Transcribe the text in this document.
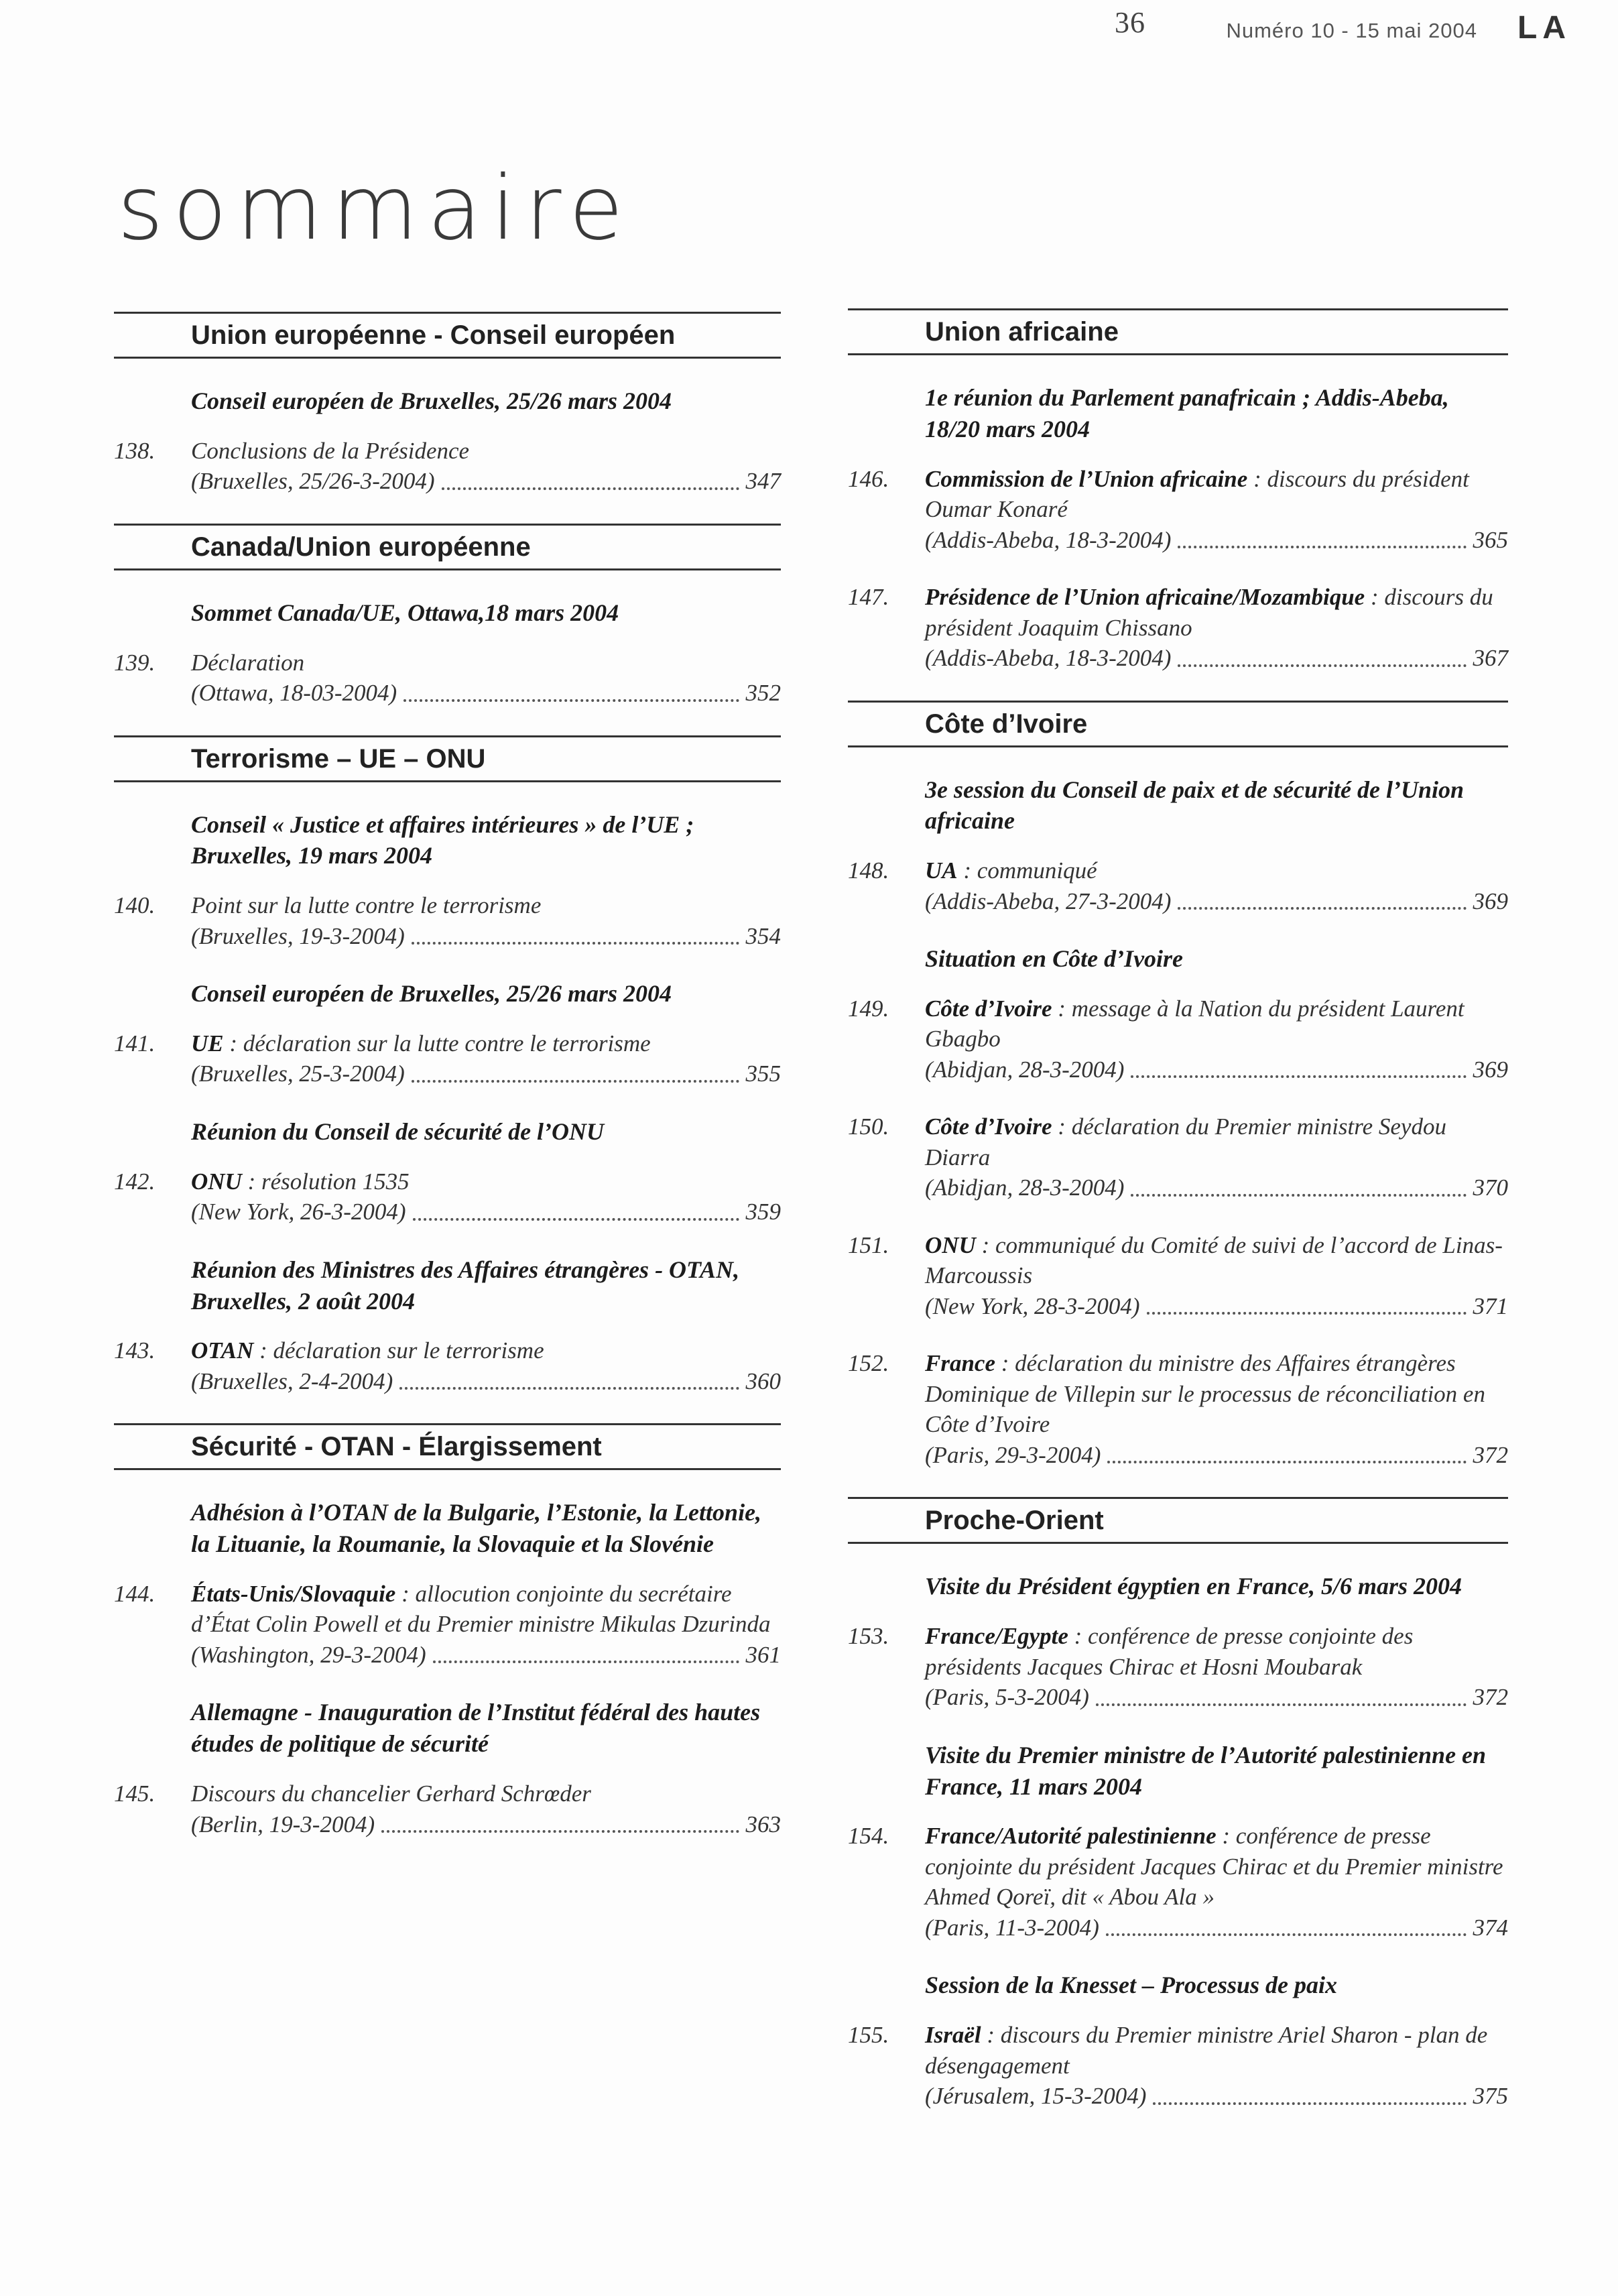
36	Numéro 10 - 15 mai 2004 LA
sommaire
Union européenne - Conseil européen
Conseil européen de Bruxelles, 25/26 mars 2004
138.	Conclusions de la Présidence
(Bruxelles, 25/26-3-2004)	347
Canada/Union européenne
Sommet Canada/UE, Ottawa,18 mars 2004
139.	Déclaration
(Ottawa, 18-03-2004)	352
Terrorisme – UE – ONU
Conseil « Justice et affaires intérieures » de l’UE ; Bruxelles, 19 mars 2004
140.	Point sur la lutte contre le terrorisme
(Bruxelles, 19-3-2004)	354
Conseil européen de Bruxelles, 25/26 mars 2004
141.	UE : déclaration sur la lutte contre le terrorisme
(Bruxelles, 25-3-2004)	355
Réunion du Conseil de sécurité de l’ONU
142.	ONU : résolution 1535
(New York, 26-3-2004)	359
Réunion des Ministres des Affaires étrangères - OTAN, Bruxelles, 2 août 2004
143.	OTAN : déclaration sur le terrorisme
(Bruxelles, 2-4-2004)	360
Sécurité - OTAN - Élargissement
Adhésion à l’OTAN de la Bulgarie, l’Estonie, la Lettonie, la Lituanie, la Roumanie, la Slovaquie et la Slovénie
144.	États-Unis/Slovaquie : allocution conjointe du secrétaire d’État Colin Powell et du Premier ministre Mikulas Dzurinda
(Washington, 29-3-2004)	361
Allemagne - Inauguration de l’Institut fédéral des hautes études de politique de sécurité
145.	Discours du chancelier Gerhard Schrœder
(Berlin, 19-3-2004)	363
Union africaine
1e réunion du Parlement panafricain ; Addis-Abeba, 18/20 mars 2004
146.	Commission de l’Union africaine : discours du président Oumar Konaré
(Addis-Abeba, 18-3-2004)	365
147.	Présidence de l’Union africaine/Mozambique : discours du président Joaquim Chissano
(Addis-Abeba, 18-3-2004)	367
Côte d’Ivoire
3e session du Conseil de paix et de sécurité de l’Union africaine
148.	UA : communiqué
(Addis-Abeba, 27-3-2004)	369
Situation en Côte d’Ivoire
149.	Côte d’Ivoire : message à la Nation du président Laurent Gbagbo
(Abidjan, 28-3-2004)	369
150.	Côte d’Ivoire : déclaration du Premier ministre Seydou Diarra
(Abidjan, 28-3-2004)	370
151.	ONU : communiqué du Comité de suivi de l’accord de Linas-Marcoussis
(New York, 28-3-2004)	371
152.	France : déclaration du ministre des Affaires étrangères Dominique de Villepin sur le processus de réconciliation en Côte d’Ivoire
(Paris, 29-3-2004)	372
Proche-Orient
Visite du Président égyptien en France, 5/6 mars 2004
153.	France/Egypte : conférence de presse conjointe des présidents Jacques Chirac et Hosni Moubarak
(Paris, 5-3-2004)	372
Visite du Premier ministre de l’Autorité palestinienne en France, 11 mars 2004
154.	France/Autorité palestinienne : conférence de presse conjointe du président Jacques Chirac et du Premier ministre Ahmed Qoreï, dit « Abou Ala »
(Paris, 11-3-2004)	374
Session de la Knesset – Processus de paix
155.	Israël : discours du Premier ministre Ariel Sharon - plan de désengagement
(Jérusalem, 15-3-2004)	375
